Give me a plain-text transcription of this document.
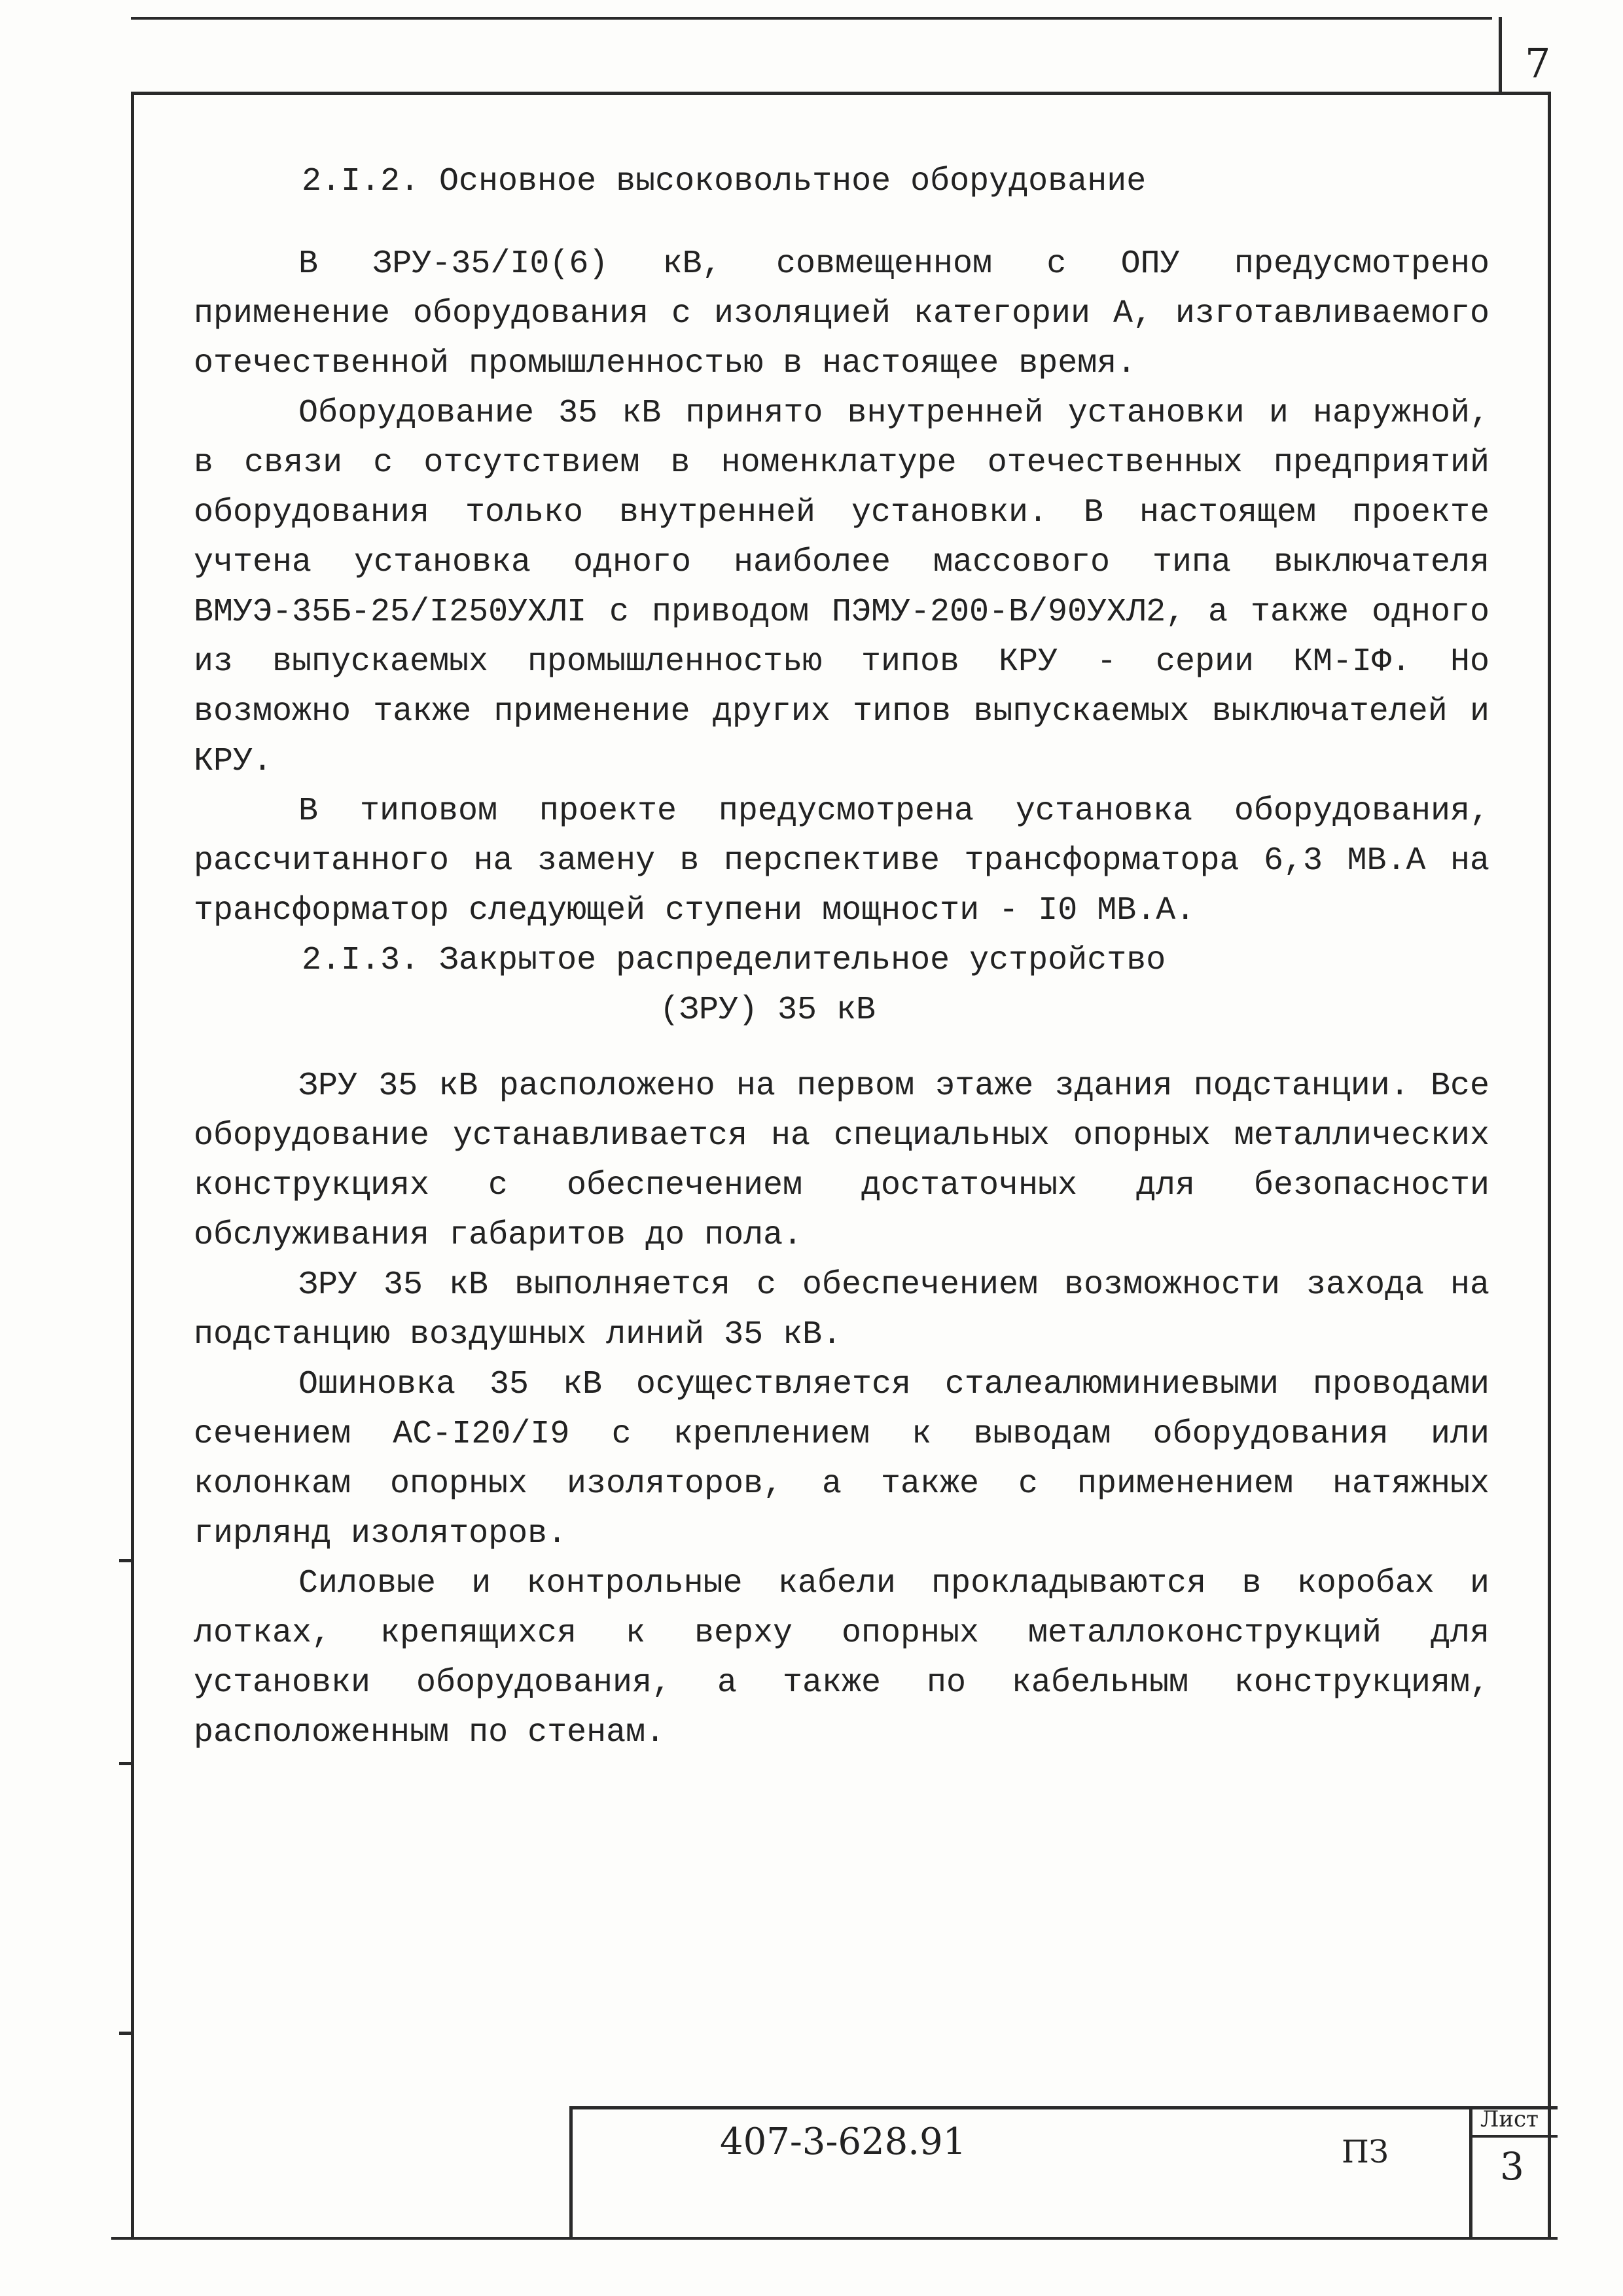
7
2.I.2. Основное высоковольтное оборудование

В ЗРУ-35/I0(6) кВ, совмещенном с ОПУ предусмотрено применение оборудования с изоляцией категории А, изготавливаемого отечественной промышленностью в настоящее время.

Оборудование 35 кВ принято внутренней установки и наружной, в связи с отсутствием в номенклатуре отечественных предприятий оборудования только внутренней установки. В настоящем проекте учтена установка одного наиболее массового типа выключателя ВМУЭ-35Б-25/I250УХЛI с приводом ПЭМУ-200-В/90УХЛ2, а также одного из выпускаемых промышленностью типов КРУ - серии КМ-IФ. Но возможно также применение других типов выпускаемых выключателей и КРУ.

В типовом проекте предусмотрена установка оборудования, рассчитанного на замену в перспективе трансформатора 6,3 МВ.А на трансформатор следующей ступени мощности - I0 МВ.А.

2.I.3. Закрытое распределительное устройство
(ЗРУ) 35 кВ

ЗРУ 35 кВ расположено на первом этаже здания подстанции. Все оборудование устанавливается на специальных опорных металлических конструкциях с обеспечением достаточных для безопасности обслуживания габаритов до пола.

ЗРУ 35 кВ выполняется с обеспечением возможности захода на подстанцию воздушных линий 35 кВ.

Ошиновка 35 кВ осуществляется сталеалюминиевыми проводами сечением АС-I20/I9 с креплением к выводам оборудования или колонкам опорных изоляторов, а также с применением натяжных гирлянд изоляторов.

Силовые и контрольные кабели прокладываются в коробах и лотках, крепящихся к верху опорных металлоконструкций для установки оборудования, а также по кабельным конструкциям, расположенным по стенам.

407-3-628.91	ПЗ
Лист
3
